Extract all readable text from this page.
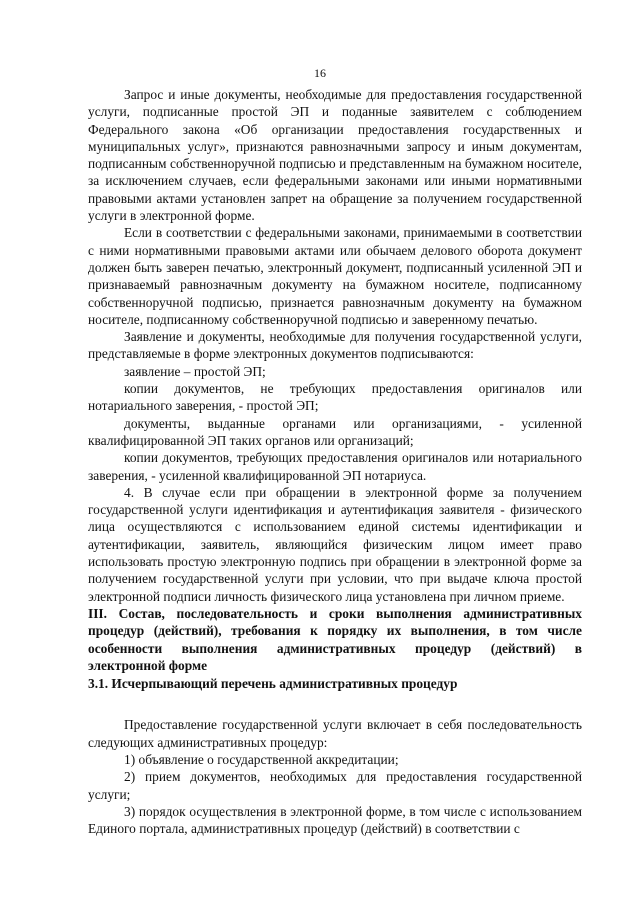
16

Запрос и иные документы, необходимые для предоставления государственной услуги, подписанные простой ЭП и поданные заявителем с соблюдением Федерального закона «Об организации предоставления государственных и муниципальных услуг», признаются равнозначными запросу и иным документам, подписанным собственноручной подписью и представленным на бумажном носителе, за исключением случаев, если федеральными законами или иными нормативными правовыми актами установлен запрет на обращение за получением государственной услуги в электронной форме.

Если в соответствии с федеральными законами, принимаемыми в соответствии с ними нормативными правовыми актами или обычаем делового оборота документ должен быть заверен печатью, электронный документ, подписанный усиленной ЭП и признаваемый равнозначным документу на бумажном носителе, подписанному собственноручной подписью, признается равнозначным документу на бумажном носителе, подписанному собственноручной подписью и заверенному печатью.

Заявление и документы, необходимые для получения государственной услуги, представляемые в форме электронных документов подписываются:

заявление – простой ЭП;

копии документов, не требующих предоставления оригиналов или нотариального заверения, - простой ЭП;

документы, выданные органами или организациями, - усиленной квалифицированной ЭП таких органов или организаций;

копии документов, требующих предоставления оригиналов или нотариального заверения, - усиленной квалифицированной ЭП нотариуса.

4. В случае если при обращении в электронной форме за получением государственной услуги идентификация и аутентификация заявителя - физического лица осуществляются с использованием единой системы идентификации и аутентификации, заявитель, являющийся физическим лицом имеет право использовать простую электронную подпись при обращении в электронной форме за получением государственной услуги при условии, что при выдаче ключа простой электронной подписи личность физического лица установлена при личном приеме.

III. Состав, последовательность и сроки выполнения административных процедур (действий), требования к порядку их выполнения, в том числе особенности выполнения административных процедур (действий) в электронной форме

3.1. Исчерпывающий перечень административных процедур

Предоставление государственной услуги включает в себя последовательность следующих административных процедур:

1) объявление о государственной аккредитации;

2) прием документов, необходимых для предоставления государственной услуги;

3) порядок осуществления в электронной форме, в том числе с использованием Единого портала, административных процедур (действий) в соответствии с
